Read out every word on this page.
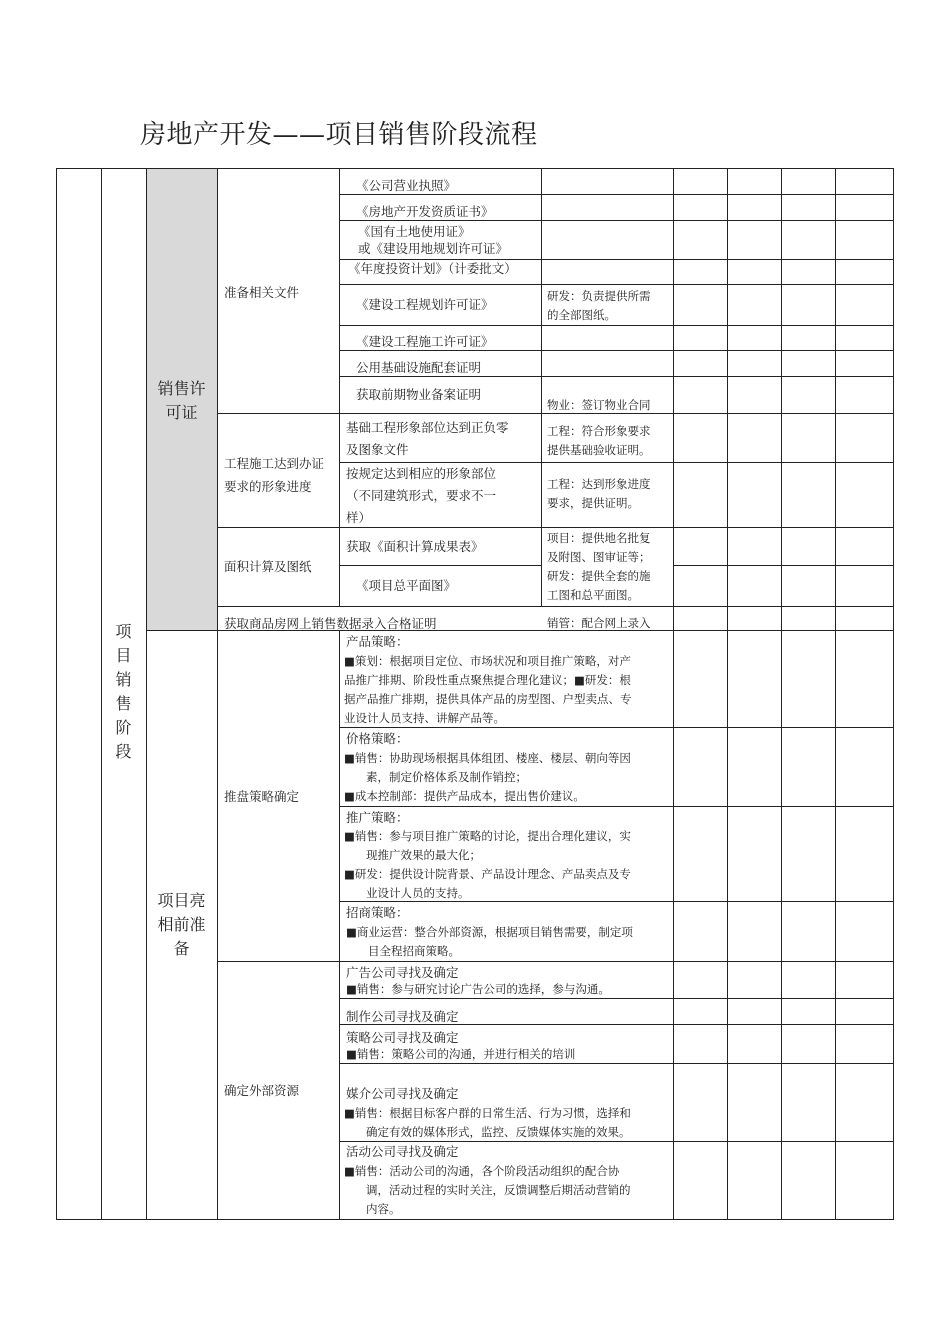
房地产开发——项目销售阶段流程
项
目
销
售
阶
段
销售许
可证
项目亮
相前准
备
准备相关文件
工程施工达到办证
要求的形象进度
面积计算及图纸
获取商品房网上销售数据录入合格证明
推盘策略确定
确定外部资源
《公司营业执照》
《房地产开发资质证书》
《国有土地使用证》
或《建设用地规划许可证》
《年度投资计划》（计委批文）
《建设工程规划许可证》
《建设工程施工许可证》
公用基础设施配套证明
获取前期物业备案证明
基础工程形象部位达到正负零
及图象文件
按规定达到相应的形象部位
（不同建筑形式，要求不一
样）
获取《面积计算成果表》
《项目总平面图》
研发：负责提供所需
的全部图纸。
物业：签订物业合同
工程：符合形象要求
提供基础验收证明。
工程：达到形象进度
要求，提供证明。
项目：提供地名批复
及附图、图审证等；
研发：提供全套的施
工图和总平面图。
销管：配合网上录入
产品策略：
■策划：根据项目定位、市场状况和项目推广策略，对产
品推广排期、阶段性重点聚焦提合理化建议；■研发：根
据产品推广排期，提供具体产品的房型图、户型卖点、专
业设计人员支持、讲解产品等。
价格策略：
■销售：协助现场根据具体组团、楼座、楼层、朝向等因
素，制定价格体系及制作销控；
■成本控制部：提供产品成本，提出售价建议。
推广策略：
■销售：参与项目推广策略的讨论，提出合理化建议，实
现推广效果的最大化；
■研发：提供设计院背景、产品设计理念、产品卖点及专
业设计人员的支持。
招商策略：
■商业运营：整合外部资源，根据项目销售需要，制定项
目全程招商策略。
广告公司寻找及确定
■销售：参与研究讨论广告公司的选择，参与沟通。
制作公司寻找及确定
策略公司寻找及确定
■销售：策略公司的沟通，并进行相关的培训
媒介公司寻找及确定
■销售：根据目标客户群的日常生活、行为习惯，选择和
确定有效的媒体形式，监控、反馈媒体实施的效果。
活动公司寻找及确定
■销售：活动公司的沟通，各个阶段活动组织的配合协
调，活动过程的实时关注，反馈调整后期活动营销的
内容。
